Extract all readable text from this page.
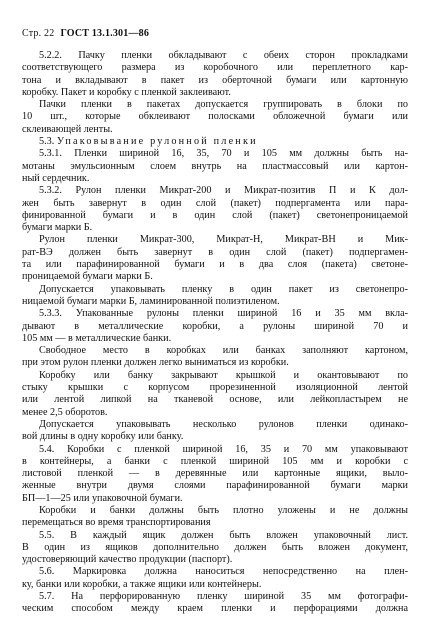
Стр. 22 ГОСТ 13.1.301—86
5.2.2. Пачку пленки обкладывают с обеих сторон прокладками
соответствующего размера из коробочного или переплетного кар-
тона и вкладывают в пакет из оберточной бумаги или картонную
коробку. Пакет и коробку с пленкой заклеивают.
Пачки пленки в пакетах допускается группировать в блоки по
10 шт., которые обклеивают полосками обложечной бумаги или
склеивающей ленты.
5.3. Упаковывание рулонной пленки
5.3.1. Пленки шириной 16, 35, 70 и 105 мм должны быть на-
мотаны эмульсионным слоем внутрь на пластмассовый или картон-
ный сердечник.
5.3.2. Рулон пленки Микрат-200 и Микрат-позитив П и К дол-
жен быть завернут в один слой (пакет) подпергамента или пара-
финированной бумаги и в один слой (пакет) светонепроницаемой
бумаги марки Б.
Рулон пленки Микрат-300, Микрат-Н, Микрат-ВН и Мик-
рат-ВЭ должен быть завернут в один слой (пакет) подпергамен-
та или парафинированной бумаги и в два слоя (пакета) светоне-
проницаемой бумаги марки Б.
Допускается упаковывать пленку в один пакет из светонепро-
ницаемой бумаги марки Б, ламинированной полиэтиленом.
5.3.3. Упакованные рулоны пленки шириной 16 и 35 мм вкла-
дывают в металлические коробки, а рулоны шириной 70 и
105 мм — в металлические банки.
Свободное место в коробках или банках заполняют картоном,
при этом рулон пленки должен легко выниматься из коробки.
Коробку или банку закрывают крышкой и окантовывают по
стыку крышки с корпусом прорезиненной изоляционной лентой
или лентой липкой на тканевой основе, или лейкопластырем не
менее 2,5 оборотов.
Допускается упаковывать несколько рулонов пленки одинако-
вой длины в одну коробку или банку.
5.4. Коробки с пленкой шириной 16, 35 и 70 мм упаковывают
в контейнеры, а банки с пленкой шириной 105 мм и коробки с
листовой пленкой — в деревянные или картонные ящики, выло-
женные внутри двумя слоями парафинированной бумаги марки
БП—1—25 или упаковочной бумаги.
Коробки и банки должны быть плотно уложены и не должны
перемещаться во время транспортирования
5.5. В каждый ящик должен быть вложен упаковочный лист.
В один из ящиков дополнительно должен быть вложен документ,
удостоверяющий качество продукции (паспорт).
5.6. Маркировка должна наноситься непосредственно на плен-
ку, банки или коробки, а также ящики или контейнеры.
5.7. На перфорированную пленку шириной 35 мм фотографи-
ческим способом между краем пленки и перфорациями должна
